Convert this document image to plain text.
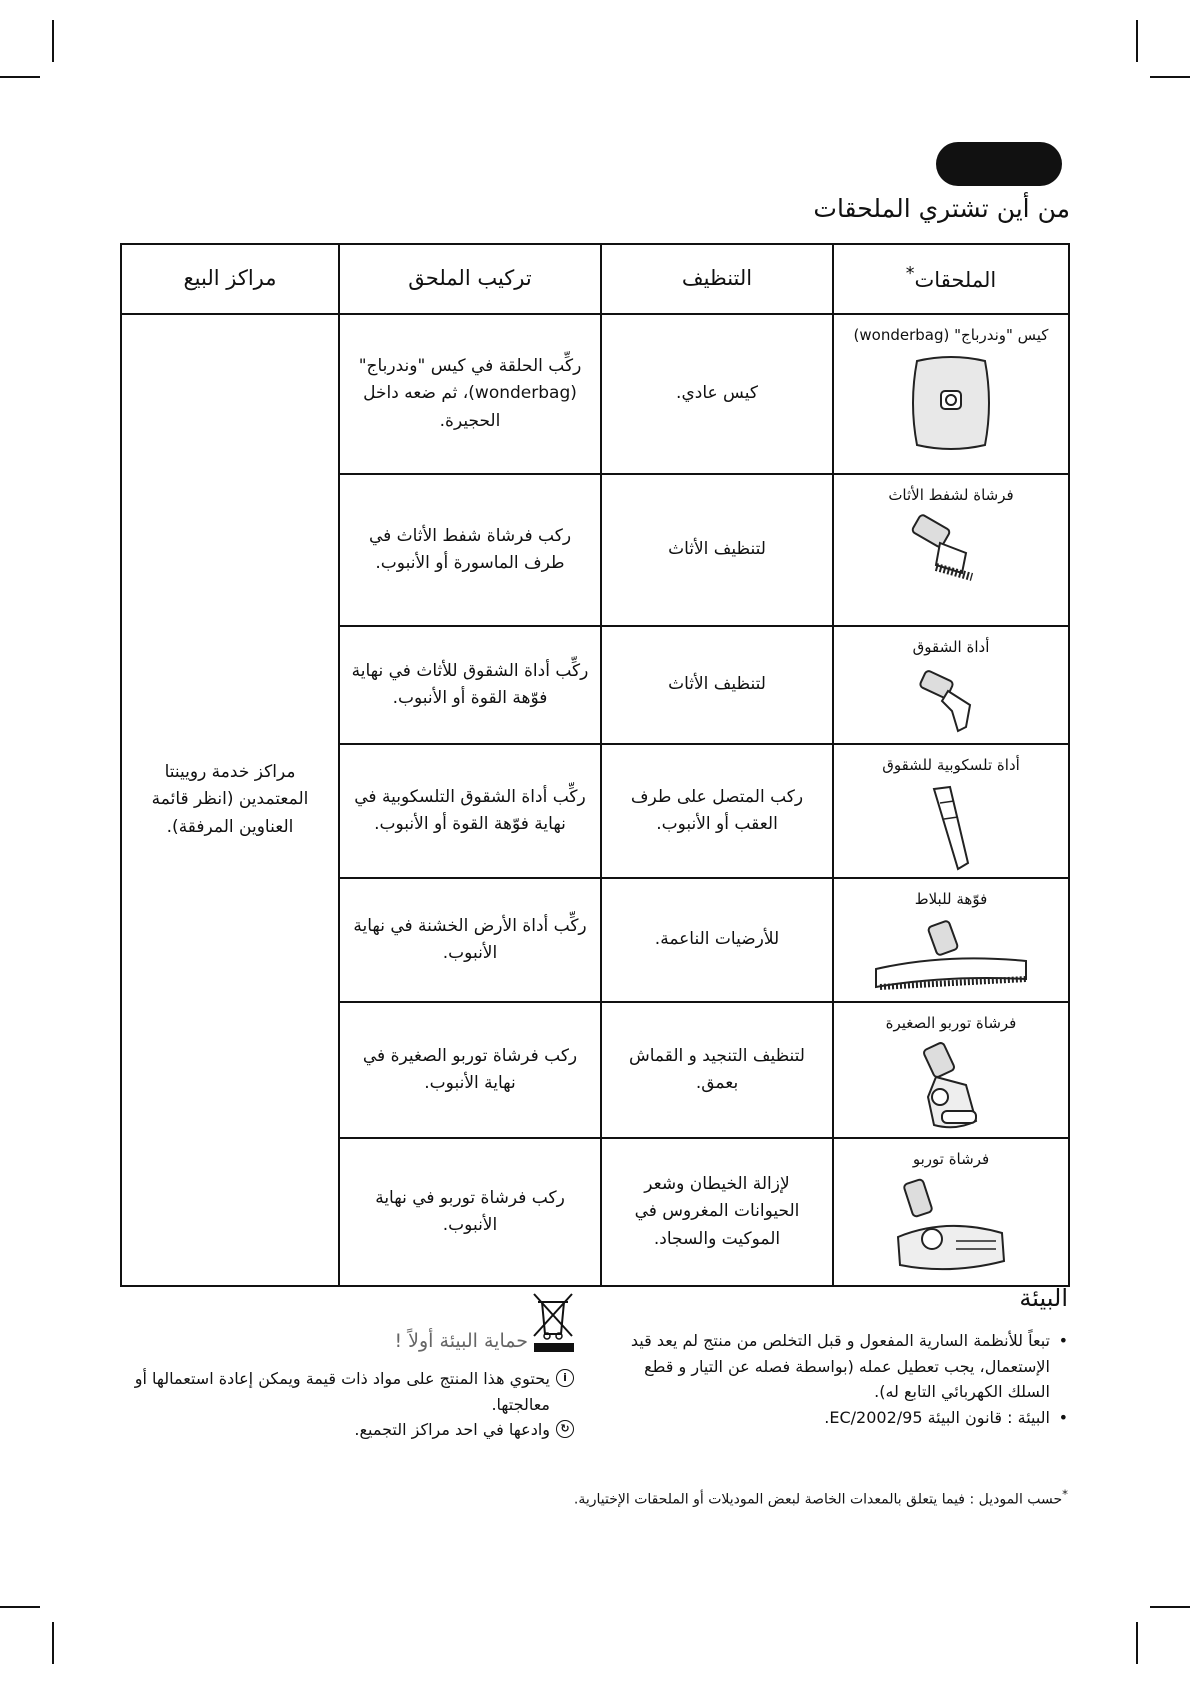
من أين تشتري الملحقات
الملحقات*	التنظيف	تركيب الملحق	مراكز البيع

كيس "وندرباج" (wonderbag)	كيس عادي.	ركِّب الحلقة في كيس "وندرباج" (wonderbag)، ثم ضعه داخل الحجيرة.	مراكز خدمة رويينتا المعتمدين (انظر قائمة العناوين المرفقة).

فرشاة لشفط الأثاث	لتنظيف الأثاث	ركب فرشاة شفط الأثاث في طرف الماسورة أو الأنبوب.	

أداة الشقوق	لتنظيف الأثاث	ركِّب أداة الشقوق للأثاث في نهاية فوّهة القوة أو الأنبوب.	

أداة تلسكوبية للشقوق	ركب المتصل على طرف العقب أو الأنبوب.	ركِّب أداة الشقوق التلسكوبية في نهاية فوّهة القوة أو الأنبوب.	

فوّهة للبلاط	للأرضيات الناعمة.	ركِّب أداة الأرض الخشنة في نهاية الأنبوب.	

فرشاة توربو الصغيرة	لتنظيف التنجيد و القماش بعمق.	ركب فرشاة توربو الصغيرة في نهاية الأنبوب.	

فرشاة توربو	لإزالة الخيطان وشعر الحيوانات المغروس في الموكيت والسجاد.	ركب فرشاة توربو في نهاية الأنبوب.	
البيئة
• تبعاً للأنظمة السارية المفعول و قبل التخلص من منتج لم يعد قيد الإستعمال، يجب تعطيل عمله (بواسطة فصله عن التيار و قطع السلك الكهربائي التابع له).
• البيئة : قانون البيئة 2002/95/EC.
حماية البيئة أولاً !
i
يحتوي هذا المنتج على مواد ذات قيمة ويمكن إعادة استعمالها أو معالجتها.
↻
وادعها في احد مراكز التجميع.
*حسب الموديل : فيما يتعلق بالمعدات الخاصة لبعض الموديلات أو الملحقات الإختيارية.
